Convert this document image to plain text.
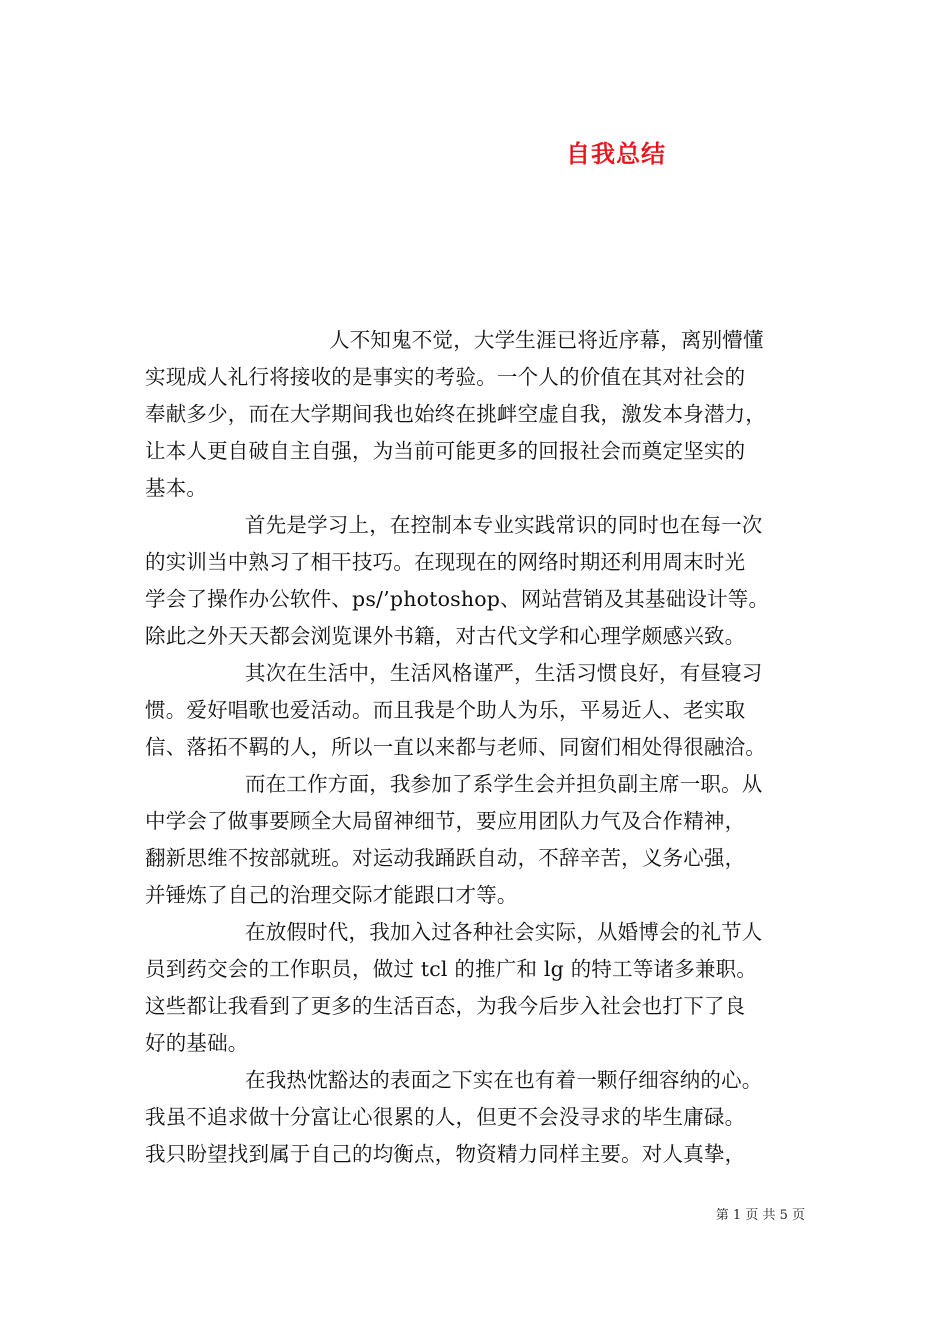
自我总结
人不知鬼不觉，大学生涯已将近序幕，离别懵懂
实现成人礼行将接收的是事实的考验。一个人的价值在其对社会的
奉献多少，而在大学期间我也始终在挑衅空虚自我，激发本身潜力，
让本人更自破自主自强，为当前可能更多的回报社会而奠定坚实的
基本。
首先是学习上，在控制本专业实践常识的同时也在每一次
的实训当中熟习了相干技巧。在现现在的网络时期还利用周末时光
学会了操作办公软件、ps/’photoshop、网站营销及其基础设计等。
除此之外天天都会浏览课外书籍，对古代文学和心理学颇感兴致。
其次在生活中，生活风格谨严，生活习惯良好，有昼寝习
惯。爱好唱歌也爱活动。而且我是个助人为乐，平易近人、老实取
信、落拓不羁的人，所以一直以来都与老师、同窗们相处得很融洽。
而在工作方面，我参加了系学生会并担负副主席一职。从
中学会了做事要顾全大局留神细节，要应用团队力气及合作精神，
翻新思维不按部就班。对运动我踊跃自动，不辞辛苦，义务心强，
并锤炼了自己的治理交际才能跟口才等。
在放假时代，我加入过各种社会实际，从婚博会的礼节人
员到药交会的工作职员，做过 tcl 的推广和 lg 的特工等诸多兼职。
这些都让我看到了更多的生活百态，为我今后步入社会也打下了良
好的基础。
在我热忱豁达的表面之下实在也有着一颗仔细容纳的心。
我虽不追求做十分富让心很累的人，但更不会没寻求的毕生庸碌。
我只盼望找到属于自己的均衡点，物资精力同样主要。对人真挚，
第 1 页 共 5 页
